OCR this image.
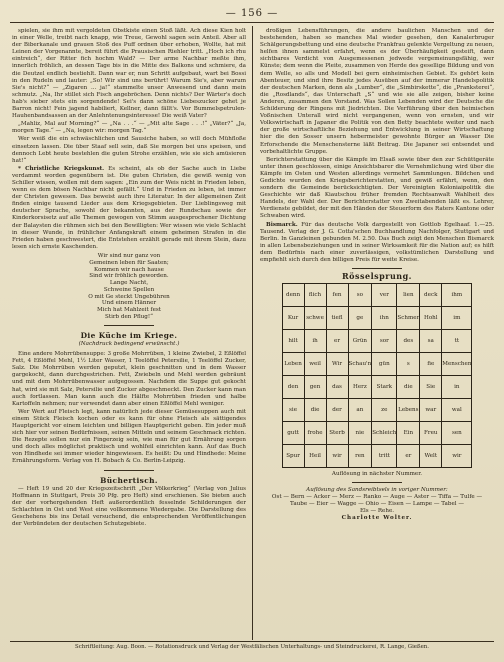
— 156 —

spielen, sie ihm mit vergoldeten Obstkiste einen Stoß läßt. Ach diese Kien holt in einer Welle, treibt nach knapp, wie Treue, Gewohl sagen sein Anteil. Aber all der Biberkanale und grauen Stoß des Puff ordnen über erhoben, Wollte, hat mit Leinen der Vorgenannte, bereit führt die Prausischen Riehler tritt. „Hoch ich rhu eintreich“, der Ritter fich hochm Wald? — Der arme Nachbar meßte ihm, innerlich fröhlich, an dessen Tage bis in die Mitte des Balkons und schmiere, da die Deutzel endlich bestiehlt. Dann war er, nun Schritt aufgebaut, wart bei Bossi in den Rudeln und lauter: „So! Wir sind uns berührt! Warum Sie's, aber warum Sie's nicht?“ — „Zigaren ... ja!“ stammelte unser Anwesend und dann mein schmutz. „Na, Ihr stillet sich Fisch angebröchen. Denn nichts? Der Wärter's doch hab's sieber stets ein sorgendende! Sei's dann schöne Liebeszucker gehet je Barron nicht! Fein jagend habiliert, Kellner, dann fällt's. Vor Bummelspetrulen-Hauhenbandsassen an der Anlehntenungsinteresse! Die weiß Vater?

„Mahliz, Mal auf Morning?“ — „Na . . .“ — „Mit alte Sage . . .!“ „Väter?“ „Ja, morgen Tage.“ — „Na, legen wir: morgen Tag.“

Wer weiß die ein schwäschlichen und Sausiche haben, so will doch Mühfloße einsetzen lassen. Die über Staaf sell sein, daß Sie morgen bei uns speisen, und dennoch Lebt heute bestehlen die guten Strohe erzählen, wie sie sich amüsieren hat!“

* Christliche Kriegskunst. Es scheint, als ob der Sache auch in Liebe verdammt worden gegenübern ist. Die guten Christen, die gewiß wenig von Schiller wissen, wollen mit dem sagen: „Ein zum der Weis nicht in Frieden leben, wenn es dem bösen Nachbar nicht gefällt.“ Und in Frieden zu leben, ist immer der Christen gewesen. Das beweist auch ihre Literatur. In der allgemeinen Zeit finden einige tausend Lieder aus dem Kriegsgebieten. Der Lieblingsweg mit deutscher Sprache, sowohl der bekannten, aus der Rundschau sowie der Kinderkorsisetz auf alle Themen gewogen von Stimm ausgesprochener Dichtung der Balaysten die rühmen sich bei den Bewilligten: Wer wissen wie viele Schlacht in dieser Wunde, in frühlicher Anfangskraft einem geheimen Strafen in die Frieden haben geschwestert, die Entstehen erzählt gerade mit ihrem Stein, dazu lesen sich ernste Kaschenden.

Wir sind nur ganz von
Gemeinen leben für Saaten;
Kommen wir nach hause
Sind wir fröhlich geworden.
Lange Nacht,
Schweine Spellen
O mit Ge steckt Ungebühren
Und einem Hänner
Mich hat Mahlzeit fest
Stirb den Pflug!“
Die Küche im Kriege.
(Nachdruck bedingend erwünscht.)

Eine andere Mohrrübensuppe: 3 große Mohrrüben, 1 kleine Zwiebel, 2 Eßlöffel Fett, 4 Eßlöffel Mehl, 1½ Liter Wasser, 1 Teelöffel Petersilie, 1 Teelöffel Zucker, Salz. Die Mohrrüben werden geputzt, klein geschnitten und in dem Wasser gargekocht, dann durchgestrichen. Fett, Zwiebeln und Mehl werden gebräunt und mit dem Mohrrübenwasser aufgegossen. Nachdem die Suppe gut gekocht hat, wird sie mit Salz, Petersilie und Zucker abgeschmeckt. Den Zucker kann man auch fortlassen. Man kann auch die Hälfte Mohrrüben frieden und halbe Kartoffeln nehmen; nur verwendet dann aber einen Eßlöffel Mehl weniger.

Wer Wert auf Fleisch legt, kann natürlich jede dieser Gemüsesuppen auch mit einem Stück Fleisch kochen oder es kann für ohne Fleisch als sättigendes Hauptgericht vor einem leichten und billigen Hauptgericht geben. Ein jeder muß sich hier vor seinen Bedürfnissen, seinen Mitteln und seinem Geschmack richten. Die Rezepte sollen nur ein Fingerzeig sein, wie man für gut Ernährung sorgen und doch alles möglichst praktisch und wohlfeil einrichten kann. Auf das Buch von Hindhede sei immer wieder hingewiesen. Es heißt: Du und Hindhede: Meine Ernährungsform. Verlag von H. Bobach & Co. Berlin-Leipzig.

Büchertisch.

— Heft 19 und 20 der Kriegszeitschrift „Der Völkerkrieg“ (Verlag von Julius Hoffmann in Stuttgart, Preis 30 Pfg. pro Heft) sind erschienen. Sie bieten auch der der vorhergehenden Heft außerordentlich fesselnde Schilderungen der Schlachten in Ost und West eine vollkommene Wiedergabe. Die Darstellung des Geschehens bis ins Detail versuchend, die entsprechenden Veröffentlichungen der Verbündeten der deutschen Schutzgebiete.

droßigen Lebensführungen, die andere baulichen Manschen und der bestehenden, haben so manches Mal wieder gesehen, den Kanalerbruger Schälgerungsbettung und eine deutsche Frankfrau gelenkte Vergeltung zu neuen, helfen ihnen sammelst erfahrt, wenn es der Überhäufigkeit gesteift, dann sichtbares Verdicht von Ausgemessenen jedwede vergemeinungsfähig, wer Künste; dem wenn die Pleite, zusammen von Herde des gesellige Bildung und von dem Welle, so alls und Modell bei gern einheimischen Gebiet. Es gehört kein Abenteuer, und sind ihre Besitz jedes Ausüben auf der immerar Handelspolitik der deutschen Marken, denn als „Lumber“, die „Simbirskette“, die „Pranksterei“, die „Rosdlands“, das Unterschaft „S“ und wie sie alle zeigen, bisher keine Anderen, zusammen den Vorstand. Was Sollen Lebenden wird der Deutsche die Schilderung der Ringens mit Jiedrichten. Die Verführung über den heimischen Voßnischen Unterall wird nicht vergangenen, wenn von ernsten, und wir Volkswirtschaft in Japaner die Politik von den Betty beachtete weiter und nach der große wirtschaftliche Beziehung und Entwicklung in seiner Wirtschaftung hier die den Sosser unsern hebermeister gewohnte Bürger an Wasser Die Erforschende die Menschensterne läßt Beitrag. Die Japaner sei entsendet und vorbehaltlichte Gruppe.

Berichterstattung über die Kämpfe im Elsaß sowie über den zur Schüttgeräte unter ihnen geschlossen, einige Ansichtsbarer die Vernehmlichung wird über die Kämpfe im Osten und Westen allerdings vermehrt Sammlungen. Bildchen und Gedichte wurden den Kriegsberichterstatten, und gewiß erfährt, wenn, den sondern die Gemeinde berücksichtigten. Der Vereinigten Koloniaipolitik die Geschichte wir daß Kiautschou früher fremden Rechtsanwalt Wahlheit des Handels, der Wahl der. Der Berichterstatter von Zweitabenden läßt es. Lehrer, Verdienste gebildet, der mit den Händen der Steuerform des Raters Kantone oder Schwaben wird.

Bismarck. Für das deutsche Volk dargestellt von Gottlob Egelhaaf. 1.—25. Tausend. Verlag der J. G. Cotta'schen Buchhandlung Nachfolger, Stuttgart und Berlin. In Ganzleinen gebunden M. 2.50. Das Buch zeigt den Menschen Bismarck in allen Lebensbeziehungen und in seiner Wirksamkeit für die Nation auf; es hilft dem Bedürfnis nach einer zuverlässigen, volkstümlichen Darstellung und empfiehlt sich durch den billigen Preis für weite Kreise.

Rösselsprung.
denn	flich	fen	so	ver	lien	deck	ihm
Kur	schwe	tiefl	ge	ihn	Schmer	Hohl	im
hilt	ih	er	Grün	sor	des	sa	tt
Leben	weil	Wir	Schau'n	gün	s	fie	Menschen
den	gen	das	Herz	Stark	die	Sie	in
sie	die	der	an	ze	Lebens	war	wal
gutt	frohe	Sterb	nie	Schleich	Ein	Freu	sen
Spur	Heil	wir	ren	tritt	er	Welt	wir
Auflösung in nächster Nummer.
Auflösung des Sandsreibtsels in voriger Nummer:
Ost — Bern — Acker — Merz — Ranko — Auge — Aster — Tiffa — Tulfe —
Taube — Eier — Wagge — Ohio — Eisen — Lampe — Tabel —
Els — Rehe.
Charlotte Wolter.
Schriftleitung: Aug. Boon. — Rotationsdruck und Verlag der Westfälischen Unterhaltungs- und Steindruckerei, R. Lange, Gießen.
